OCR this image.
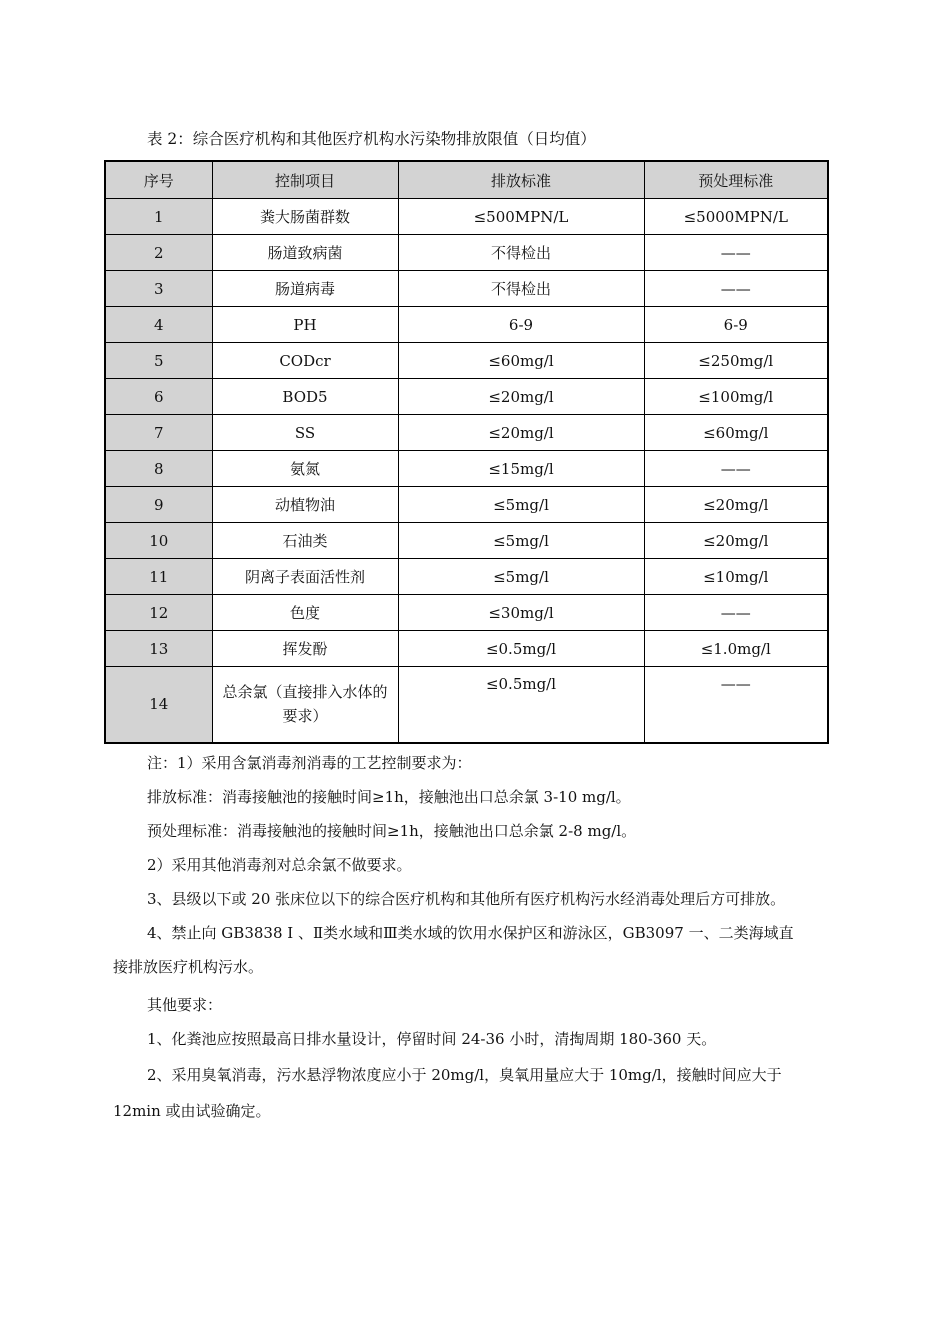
表 2：综合医疗机构和其他医疗机构水污染物排放限值（日均值）
序号	控制项目	排放标准	预处理标准
1	粪大肠菌群数	≤500MPN/L	≤5000MPN/L
2	肠道致病菌	不得检出	——
3	肠道病毒	不得检出	——
4	PH	6-9	6-9
5	CODcr	≤60mg/l	≤250mg/l
6	BOD5	≤20mg/l	≤100mg/l
7	SS	≤20mg/l	≤60mg/l
8	氨氮	≤15mg/l	——
9	动植物油	≤5mg/l	≤20mg/l
10	石油类	≤5mg/l	≤20mg/l
11	阴离子表面活性剂	≤5mg/l	≤10mg/l
12	色度	≤30mg/l	——
13	挥发酚	≤0.5mg/l	≤1.0mg/l
14	总余氯（直接排入水体的要求）	≤0.5mg/l	——

注：1）采用含氯消毒剂消毒的工艺控制要求为：

排放标准：消毒接触池的接触时间≥1h，接触池出口总余氯 3-10 mg/l。

预处理标准：消毒接触池的接触时间≥1h，接触池出口总余氯 2-8 mg/l。

2）采用其他消毒剂对总余氯不做要求。

3、县级以下或 20 张床位以下的综合医疗机构和其他所有医疗机构污水经消毒处理后方可排放。

4、禁止向 GB3838 Ⅰ 、Ⅱ类水域和Ⅲ类水域的饮用水保护区和游泳区，GB3097 一、二类海域直

接排放医疗机构污水。

其他要求：

1、化粪池应按照最高日排水量设计，停留时间 24-36 小时，清掏周期 180-360 天。

2、采用臭氧消毒，污水悬浮物浓度应小于 20mg/l，臭氧用量应大于 10mg/l，接触时间应大于

12min 或由试验确定。
